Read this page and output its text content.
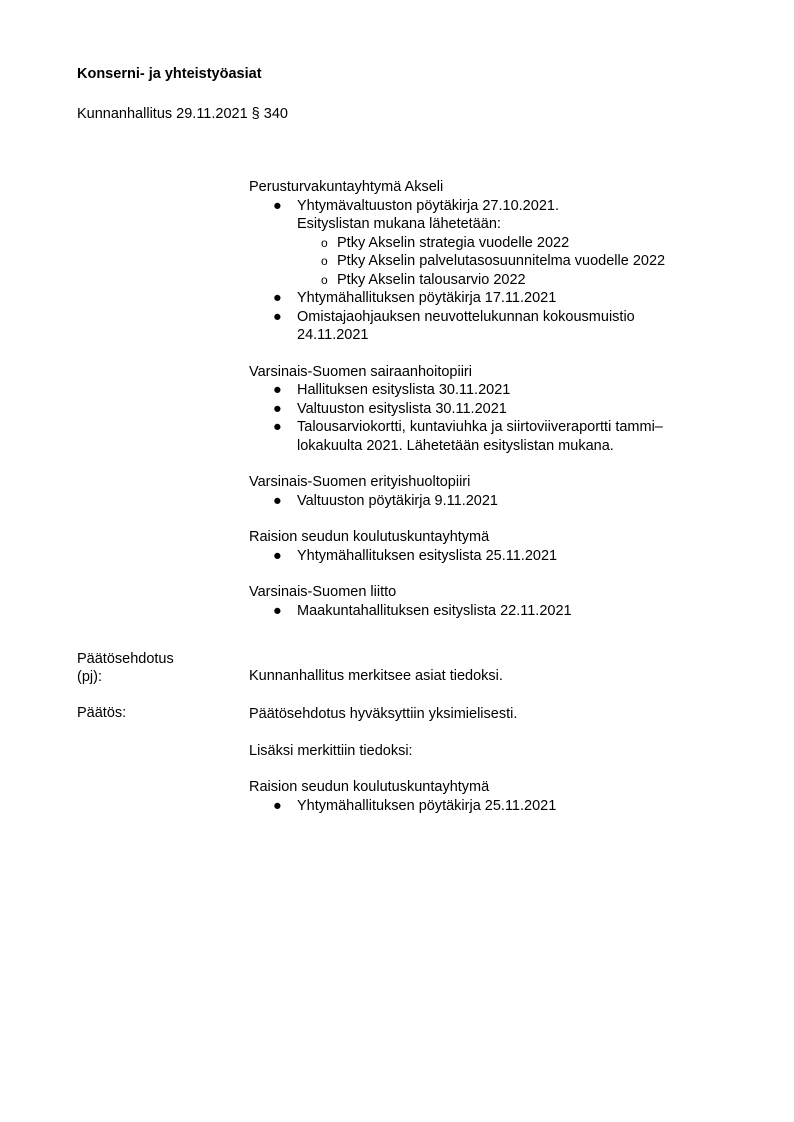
Konserni- ja yhteistyöasiat
Kunnanhallitus 29.11.2021 § 340
Perusturvakuntayhtymä Akseli
● Yhtymävaltuuston pöytäkirja 27.10.2021.
Esityslistan mukana lähetetään:
o Ptky Akselin strategia vuodelle 2022
o Ptky Akselin palvelutasosuunnitelma vuodelle 2022
o Ptky Akselin talousarvio 2022
● Yhtymähallituksen pöytäkirja 17.11.2021
● Omistajaohjauksen neuvottelukunnan kokousmuistio
24.11.2021
Varsinais-Suomen sairaanhoitopiiri
● Hallituksen esityslista 30.11.2021
● Valtuuston esityslista 30.11.2021
● Talousarviokortti, kuntaviuhka ja siirtoviiveraportti tammi–
lokakuulta 2021. Lähetetään esityslistan mukana.
Varsinais-Suomen erityishuoltopiiri
● Valtuuston pöytäkirja 9.11.2021
Raision seudun koulutuskuntayhtymä
● Yhtymähallituksen esityslista 25.11.2021
Varsinais-Suomen liitto
● Maakuntahallituksen esityslista 22.11.2021
Päätösehdotus
(pj):	Kunnanhallitus merkitsee asiat tiedoksi.
Päätös:	Päätösehdotus hyväksyttiin yksimielisesti.
Lisäksi merkittiin tiedoksi:
Raision seudun koulutuskuntayhtymä
● Yhtymähallituksen pöytäkirja 25.11.2021
